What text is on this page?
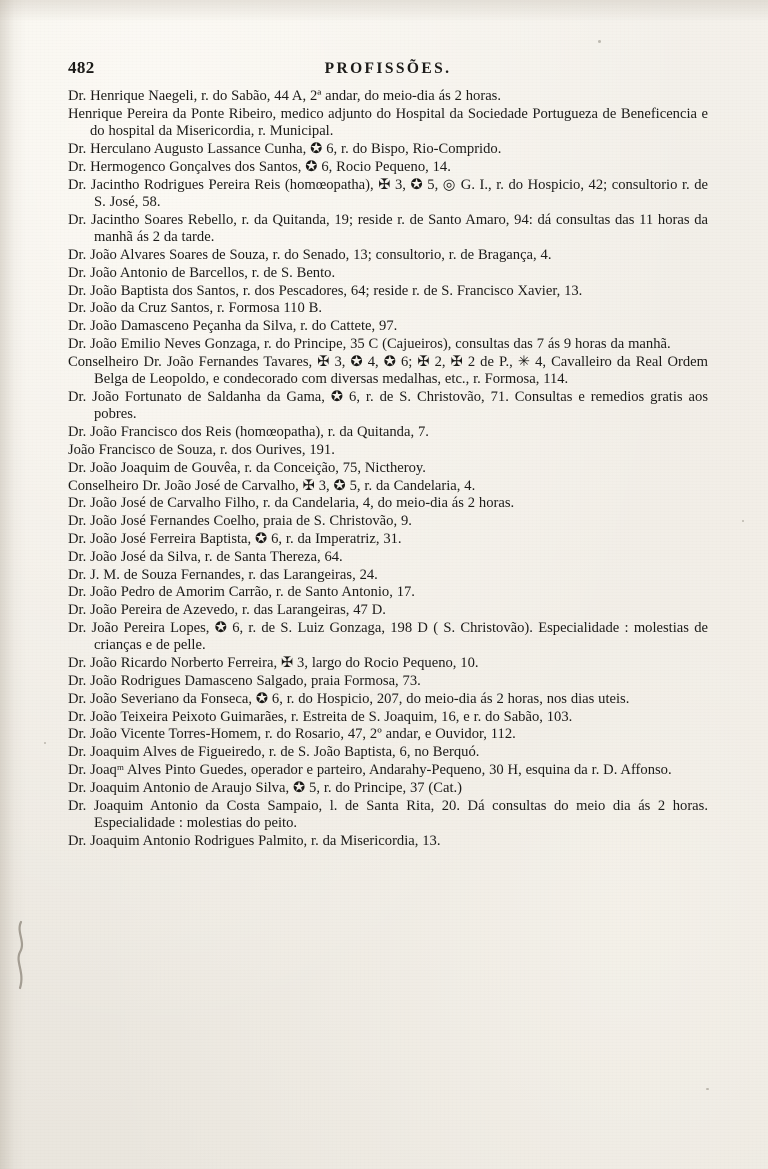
482	PROFISSÕES.
Dr. Henrique Naegeli, r. do Sabão, 44 A, 2ª andar, do meio-dia ás 2 horas.
Henrique Pereira da Ponte Ribeiro, medico adjunto do Hospital da Sociedade Portugueza de Beneficencia e do hospital da Misericordia, r. Municipal.
Dr. Herculano Augusto Lassance Cunha, ✪ 6, r. do Bispo, Rio-Comprido.
Dr. Hermogenco Gonçalves dos Santos, ✪ 6, Rocio Pequeno, 14.
Dr. Jacintho Rodrigues Pereira Reis (homœopatha), ✠ 3, ✪ 5, ◎ G. I., r. do Hospicio, 42; consultorio r. de S. José, 58.
Dr. Jacintho Soares Rebello, r. da Quitanda, 19; reside r. de Santo Amaro, 94: dá consultas das 11 horas da manhã ás 2 da tarde.
Dr. João Alvares Soares de Souza, r. do Senado, 13; consultorio, r. de Bragança, 4.
Dr. João Antonio de Barcellos, r. de S. Bento.
Dr. João Baptista dos Santos, r. dos Pescadores, 64; reside r. de S. Francisco Xavier, 13.
Dr. João da Cruz Santos, r. Formosa 110 B.
Dr. João Damasceno Peçanha da Silva, r. do Cattete, 97.
Dr. João Emilio Neves Gonzaga, r. do Principe, 35 C (Cajueiros), consultas das 7 ás 9 horas da manhã.
Conselheiro Dr. João Fernandes Tavares, ✠ 3, ✪ 4, ✪ 6; ✠ 2, ✠ 2 de P., ✳ 4, Cavalleiro da Real Ordem Belga de Leopoldo, e condecorado com diversas medalhas, etc., r. Formosa, 114.
Dr. João Fortunato de Saldanha da Gama, ✪ 6, r. de S. Christovão, 71. Consultas e remedios gratis aos pobres.
Dr. João Francisco dos Reis (homœopatha), r. da Quitanda, 7.
João Francisco de Souza, r. dos Ourives, 191.
Dr. João Joaquim de Gouvêa, r. da Conceição, 75, Nictheroy.
Conselheiro Dr. João José de Carvalho, ✠ 3, ✪ 5, r. da Candelaria, 4.
Dr. João José de Carvalho Filho, r. da Candelaria, 4, do meio-dia ás 2 horas.
Dr. João José Fernandes Coelho, praia de S. Christovão, 9.
Dr. João José Ferreira Baptista, ✪ 6, r. da Imperatriz, 31.
Dr. João José da Silva, r. de Santa Thereza, 64.
Dr. J. M. de Souza Fernandes, r. das Larangeiras, 24.
Dr. João Pedro de Amorim Carrão, r. de Santo Antonio, 17.
Dr. João Pereira de Azevedo, r. das Larangeiras, 47 D.
Dr. João Pereira Lopes, ✪ 6, r. de S. Luiz Gonzaga, 198 D ( S. Christovão). Especialidade : molestias de crianças e de pelle.
Dr. João Ricardo Norberto Ferreira, ✠ 3, largo do Rocio Pequeno, 10.
Dr. João Rodrigues Damasceno Salgado, praia Formosa, 73.
Dr. João Severiano da Fonseca, ✪ 6, r. do Hospicio, 207, do meio-dia ás 2 horas, nos dias uteis.
Dr. João Teixeira Peixoto Guimarães, r. Estreita de S. Joaquim, 16, e r. do Sabão, 103.
Dr. João Vicente Torres-Homem, r. do Rosario, 47, 2º andar, e Ouvidor, 112.
Dr. Joaquim Alves de Figueiredo, r. de S. João Baptista, 6, no Berquó.
Dr. Joaqᵐ Alves Pinto Guedes, operador e parteiro, Andarahy-Pequeno, 30 H, esquina da r. D. Affonso.
Dr. Joaquim Antonio de Araujo Silva, ✪ 5, r. do Principe, 37 (Cat.)
Dr. Joaquim Antonio da Costa Sampaio, l. de Santa Rita, 20. Dá consultas do meio dia ás 2 horas. Especialidade : molestias do peito.
Dr. Joaquim Antonio Rodrigues Palmito, r. da Misericordia, 13.
